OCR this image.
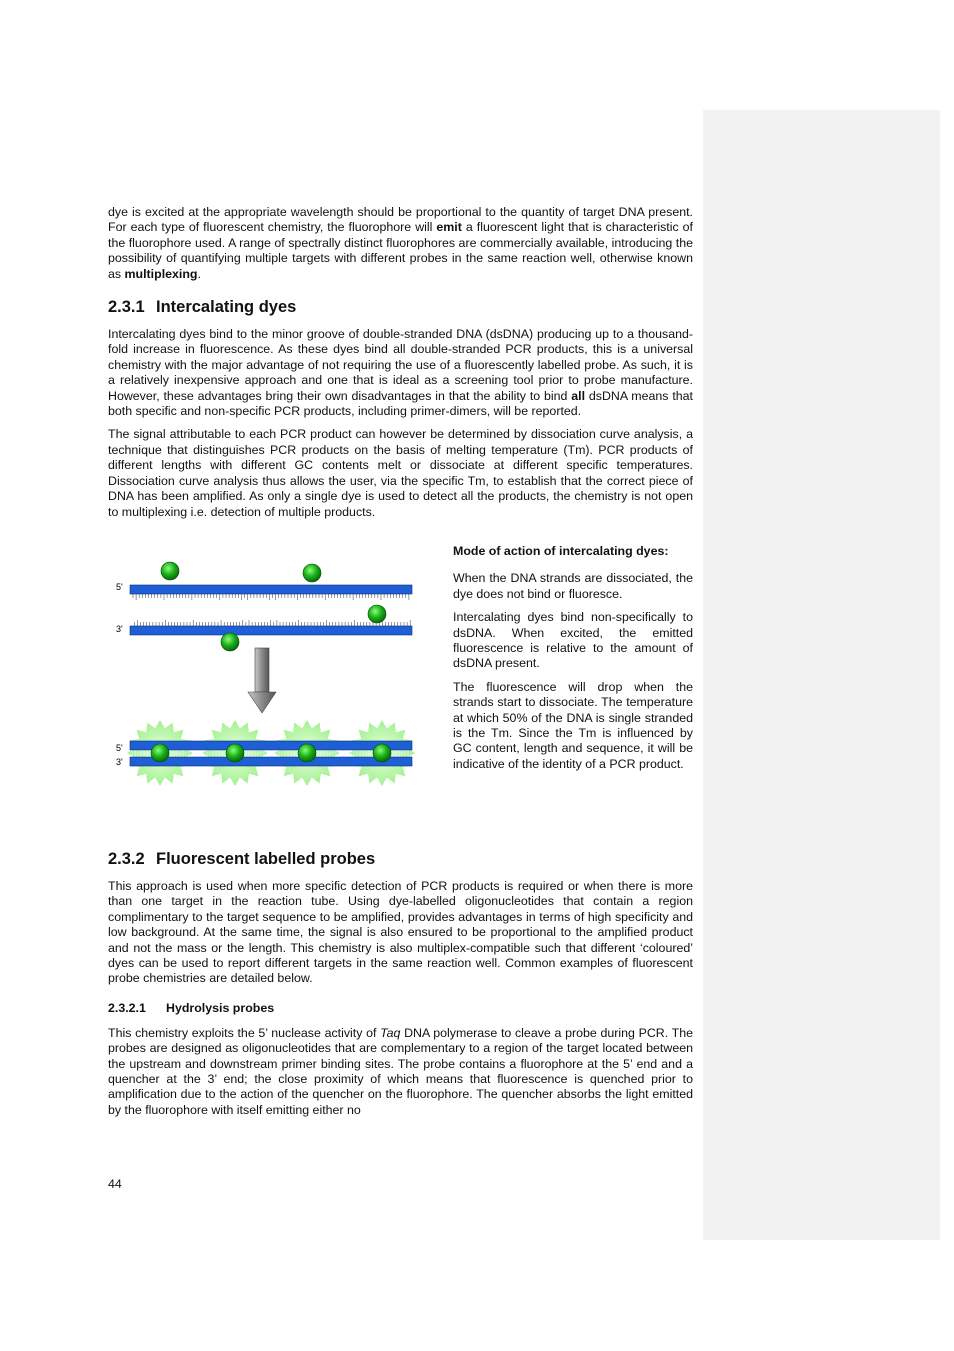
dye is excited at the appropriate wavelength should be proportional to the quantity of target DNA present. For each type of fluorescent chemistry, the fluorophore will emit a fluorescent light that is characteristic of the fluorophore used. A range of spectrally distinct fluorophores are commercially available, introducing the possibility of quantifying multiple targets with different probes in the same reaction well, otherwise known as multiplexing.

2.3.1 Intercalating dyes

Intercalating dyes bind to the minor groove of double-stranded DNA (dsDNA) producing up to a thousand-fold increase in fluorescence. As these dyes bind all double-stranded PCR products, this is a universal chemistry with the major advantage of not requiring the use of a fluorescently labelled probe. As such, it is a relatively inexpensive approach and one that is ideal as a screening tool prior to probe manufacture. However, these advantages bring their own disadvantages in that the ability to bind all dsDNA means that both specific and non-specific PCR products, including primer-dimers, will be reported.

The signal attributable to each PCR product can however be determined by dissociation curve analysis, a technique that distinguishes PCR products on the basis of melting temperature (Tm). PCR products of different lengths with different GC contents melt or dissociate at different specific temperatures. Dissociation curve analysis thus allows the user, via the specific Tm, to establish that the correct piece of DNA has been amplified. As only a single dye is used to detect all the products, the chemistry is not open to multiplexing i.e. detection of multiple products.

5'
3'
5'
3'

Mode of action of intercalating dyes:

When the DNA strands are dissociated, the dye does not bind or fluoresce.

Intercalating dyes bind non-specifically to dsDNA. When excited, the emitted fluorescence is relative to the amount of dsDNA present.

The fluorescence will drop when the strands start to dissociate. The temperature at which 50% of the DNA is single stranded is the Tm. Since the Tm is influenced by GC content, length and sequence, it will be indicative of the identity of a PCR product.

2.3.2 Fluorescent labelled probes

This approach is used when more specific detection of PCR products is required or when there is more than one target in the reaction tube. Using dye-labelled oligonucleotides that contain a region complimentary to the target sequence to be amplified, provides advantages in terms of high specificity and low background. At the same time, the signal is also ensured to be proportional to the amplified product and not the mass or the length. This chemistry is also multiplex-compatible such that different ‘coloured’ dyes can be used to report different targets in the same reaction well. Common examples of fluorescent probe chemistries are detailed below.

2.3.2.1 Hydrolysis probes

This chemistry exploits the 5’ nuclease activity of Taq DNA polymerase to cleave a probe during PCR. The probes are designed as oligonucleotides that are complementary to a region of the target located between the upstream and downstream primer binding sites. The probe contains a fluorophore at the 5’ end and a quencher at the 3’ end; the close proximity of which means that fluorescence is quenched prior to amplification due to the action of the quencher on the fluorophore. The quencher absorbs the light emitted by the fluorophore with itself emitting either no

44
